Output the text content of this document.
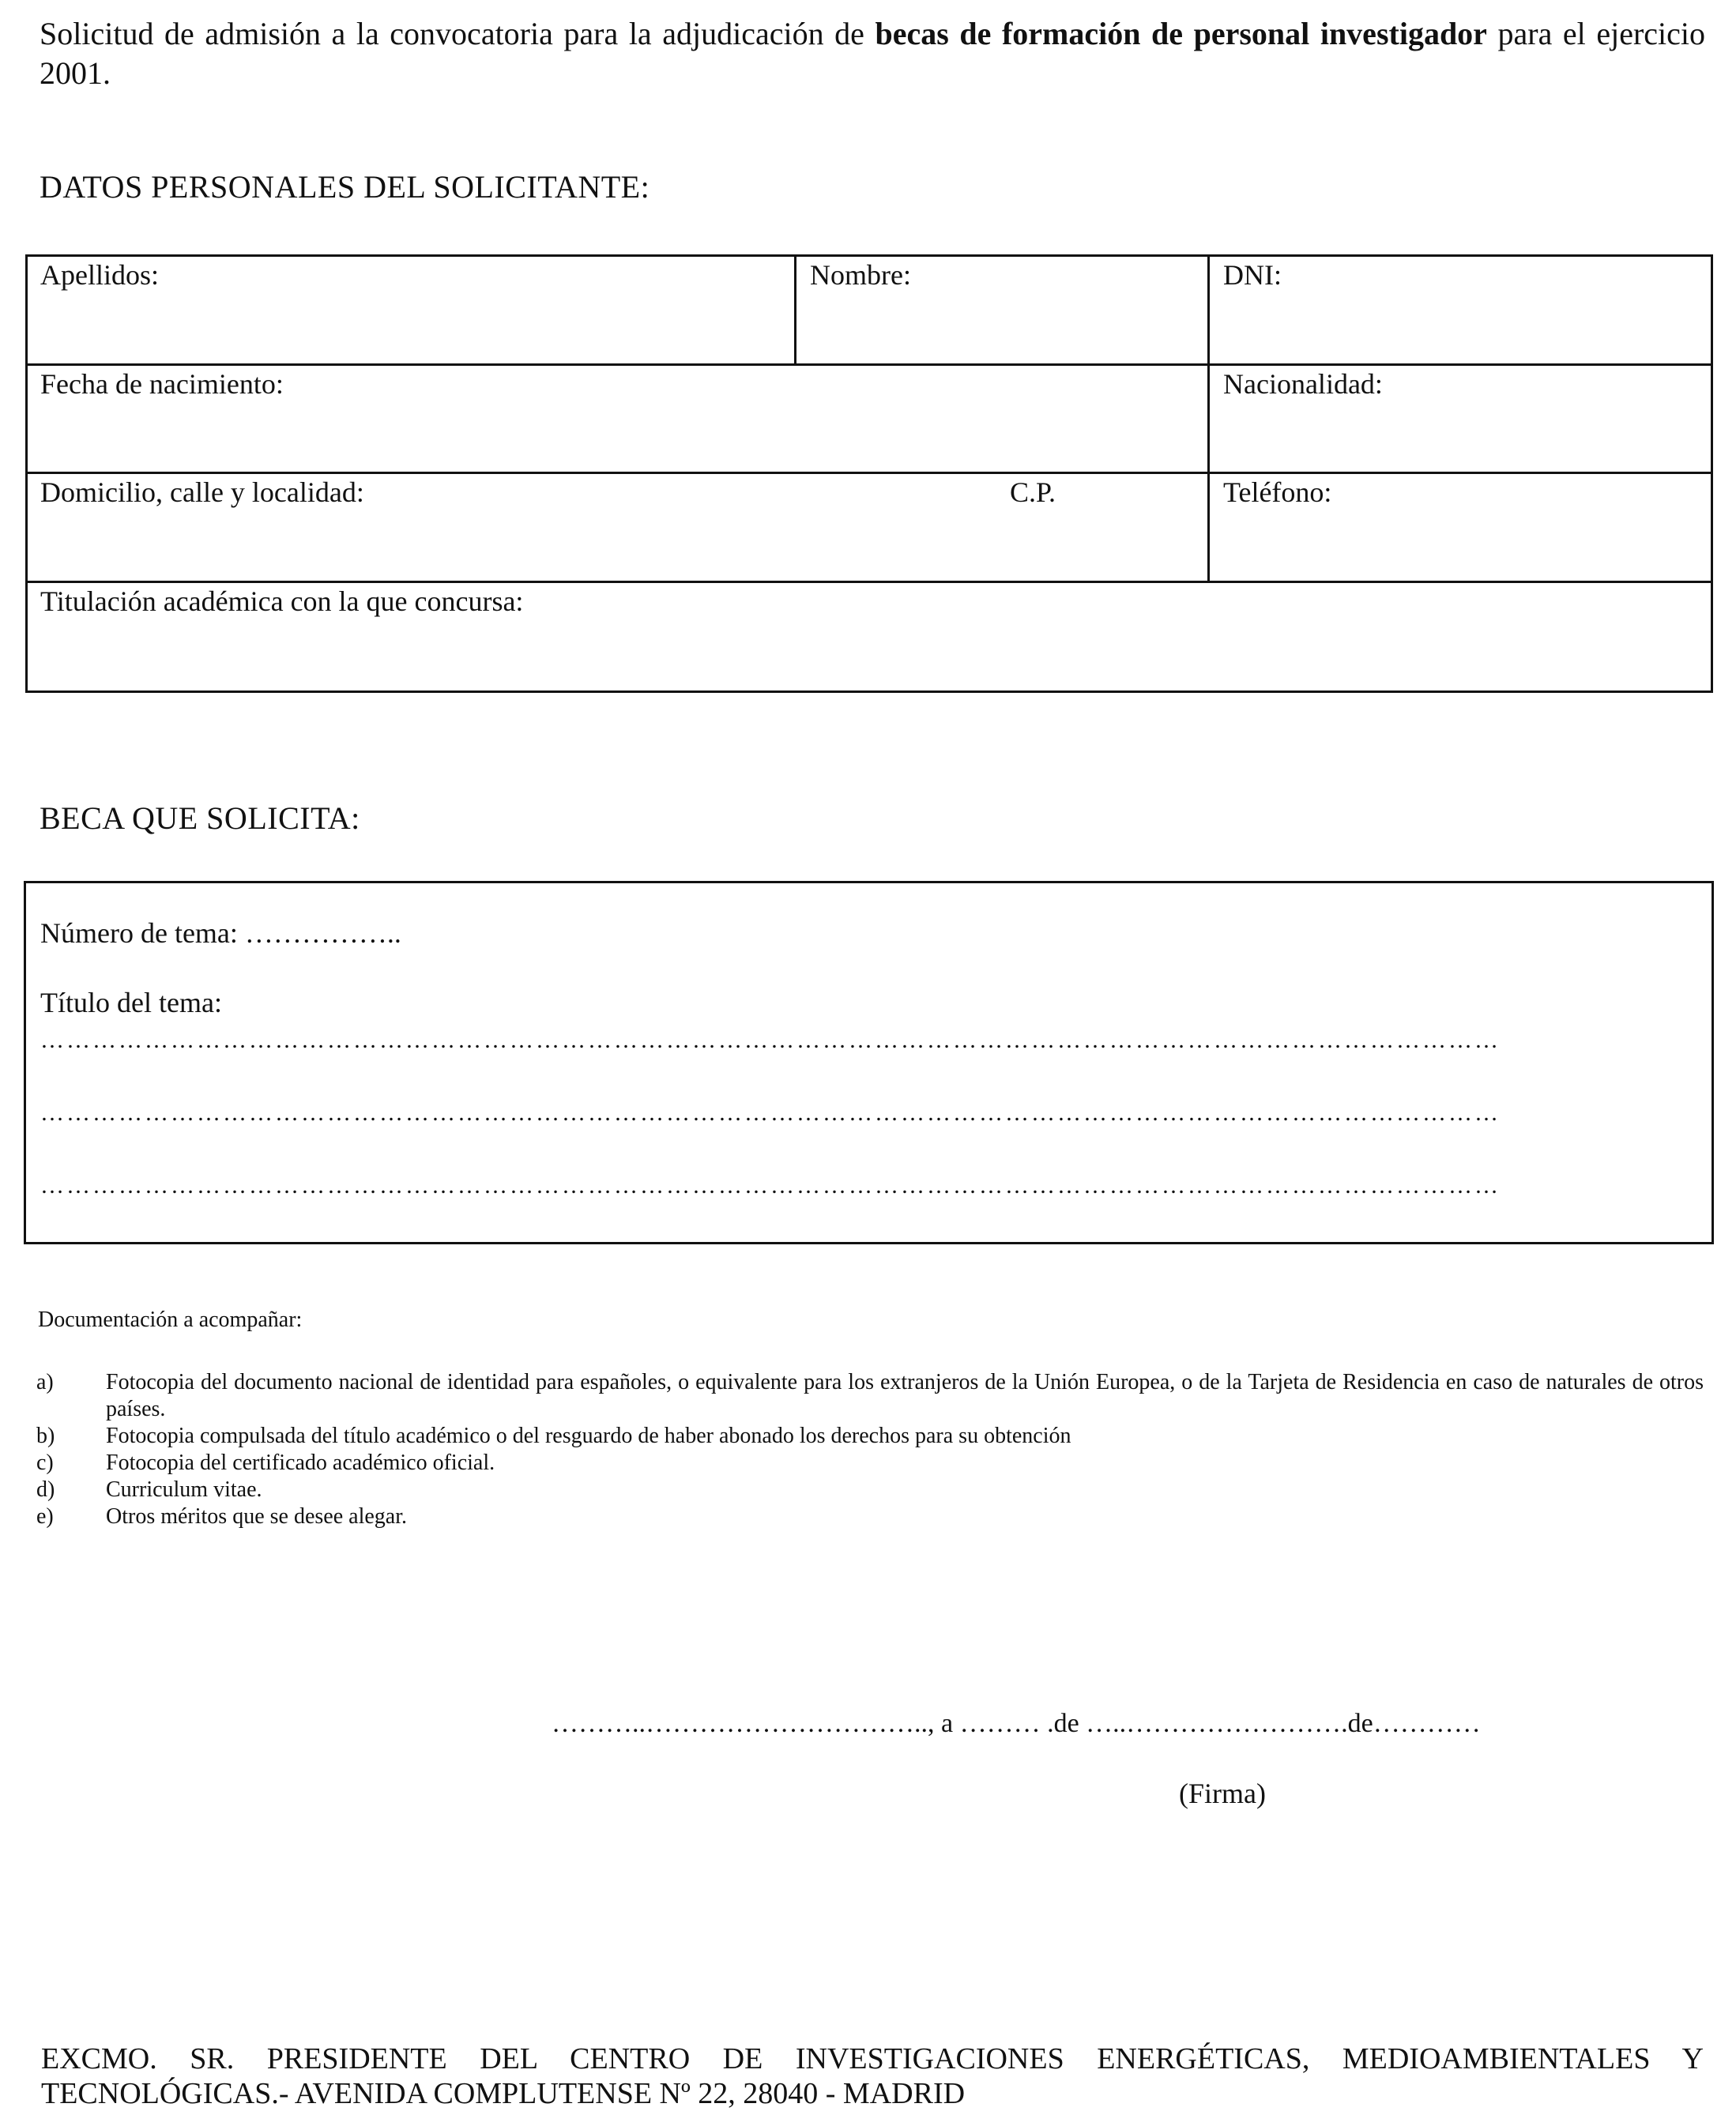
Solicitud de admisión a la convocatoria para la adjudicación de becas de formación de personal investigador para el ejercicio 2001.
DATOS PERSONALES DEL SOLICITANTE:
Apellidos:	Nombre:	DNI:
Fecha de nacimiento:	Nacionalidad:
Domicilio, calle y localidad:	C.P.	Teléfono:
Titulación académica con la que concursa:
BECA QUE SOLICITA:
Número de tema: ……………..
Título del tema:
……………………………………………………………………………………………………………………………………………………
……………………………………………………………………………………………………………………………………………………
……………………………………………………………………………………………………………………………………………………
Documentación a acompañar:
a)	Fotocopia del documento nacional de identidad para españoles, o equivalente para los extranjeros de la Unión Europea, o de la Tarjeta de Residencia en caso de naturales de otros países.
b)	Fotocopia compulsada del título académico o del resguardo de haber abonado los derechos para su obtención
c)	Fotocopia del certificado académico oficial.
d)	Curriculum vitae.
e)	Otros méritos que se desee alegar.
………..………………………….., a ……… .de …..…………………….de…………
(Firma)
EXCMO. SR. PRESIDENTE DEL CENTRO DE INVESTIGACIONES ENERGÉTICAS, MEDIOAMBIENTALES Y TECNOLÓGICAS.- AVENIDA COMPLUTENSE Nº 22, 28040 - MADRID
